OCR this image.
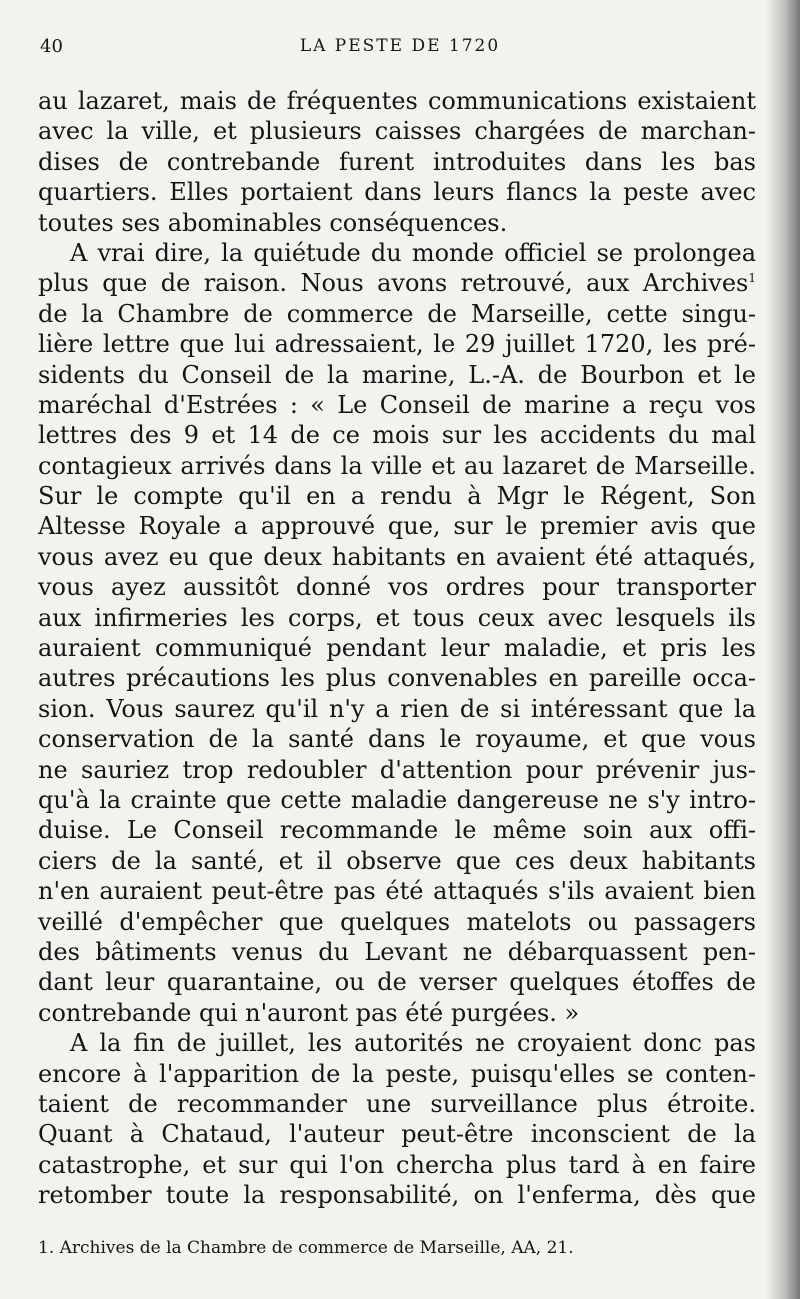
40	LA PESTE DE 1720
au lazaret, mais de fréquentes communications existaient
avec la ville, et plusieurs caisses chargées de marchan-
dises de contrebande furent introduites dans les bas
quartiers. Elles portaient dans leurs flancs la peste avec
toutes ses abominables conséquences.
A vrai dire, la quiétude du monde officiel se prolongea
plus que de raison. Nous avons retrouvé, aux Archives$^1$
de la Chambre de commerce de Marseille, cette singu-
lière lettre que lui adressaient, le 29 juillet 1720, les pré-
sidents du Conseil de la marine, L.-A. de Bourbon et le
maréchal d'Estrées : « Le Conseil de marine a reçu vos
lettres des 9 et 14 de ce mois sur les accidents du mal
contagieux arrivés dans la ville et au lazaret de Marseille.
Sur le compte qu'il en a rendu à Mgr le Régent, Son
Altesse Royale a approuvé que, sur le premier avis que
vous avez eu que deux habitants en avaient été attaqués,
vous ayez aussitôt donné vos ordres pour transporter
aux infirmeries les corps, et tous ceux avec lesquels ils
auraient communiqué pendant leur maladie, et pris les
autres précautions les plus convenables en pareille occa-
sion. Vous saurez qu'il n'y a rien de si intéressant que la
conservation de la santé dans le royaume, et que vous
ne sauriez trop redoubler d'attention pour prévenir jus-
qu'à la crainte que cette maladie dangereuse ne s'y intro-
duise. Le Conseil recommande le même soin aux offi-
ciers de la santé, et il observe que ces deux habitants
n'en auraient peut-être pas été attaqués s'ils avaient bien
veillé d'empêcher que quelques matelots ou passagers
des bâtiments venus du Levant ne débarquassent pen-
dant leur quarantaine, ou de verser quelques étoffes de
contrebande qui n'auront pas été purgées. »
A la fin de juillet, les autorités ne croyaient donc pas
encore à l'apparition de la peste, puisqu'elles se conten-
taient de recommander une surveillance plus étroite.
Quant à Chataud, l'auteur peut-être inconscient de la
catastrophe, et sur qui l'on chercha plus tard à en faire
retomber toute la responsabilité, on l'enferma, dès que
1. Archives de la Chambre de commerce de Marseille, AA, 21.
